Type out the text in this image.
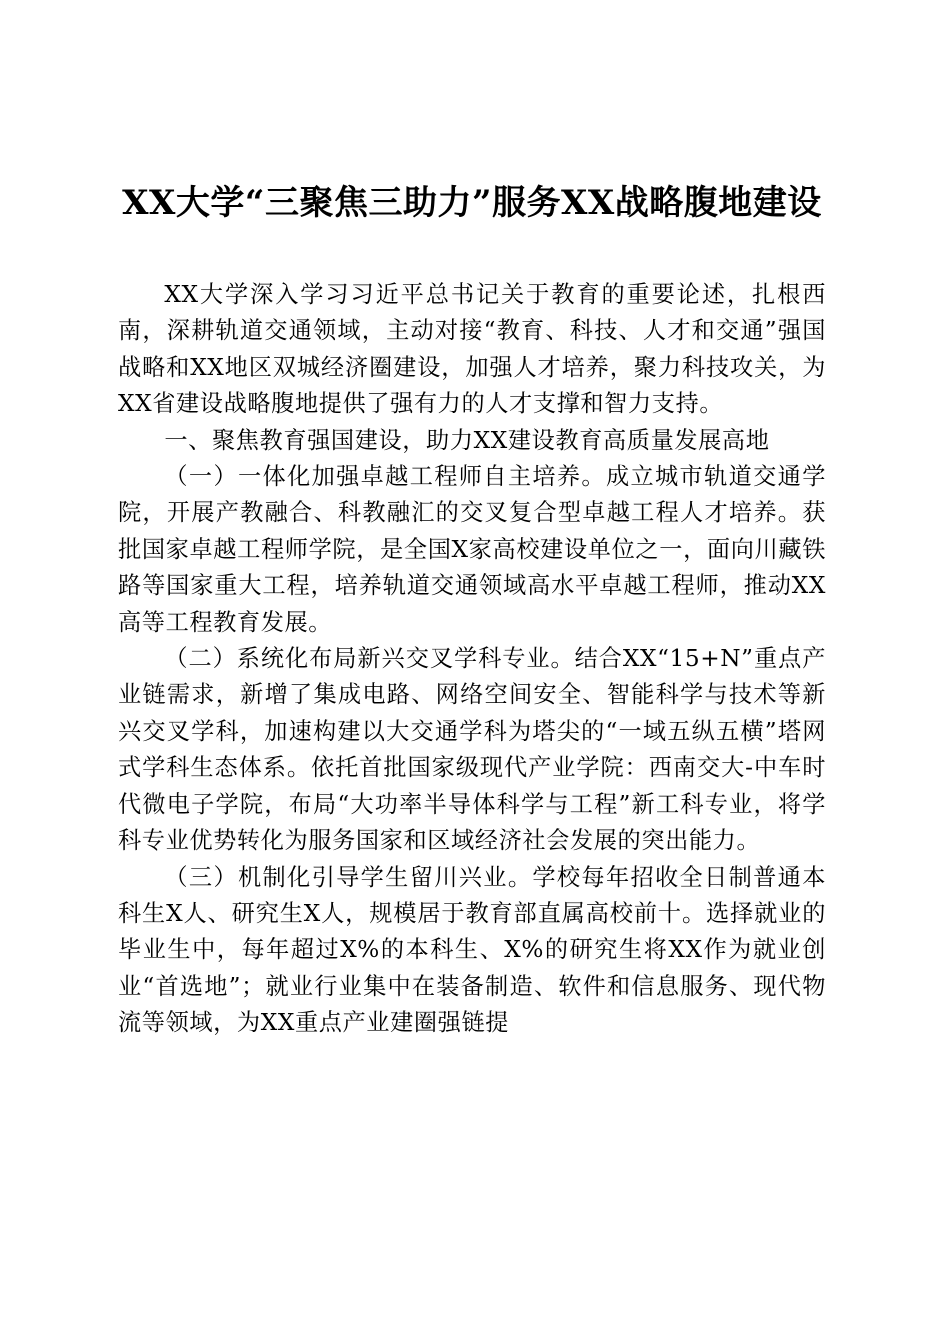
XX大学“三聚焦三助力”服务XX战略腹地建设

XX大学深入学习习近平总书记关于教育的重要论述，扎根西南，深耕轨道交通领域，主动对接“教育、科技、人才和交通”强国战略和XX地区双城经济圈建设，加强人才培养，聚力科技攻关，为XX省建设战略腹地提供了强有力的人才支撑和智力支持。

一、聚焦教育强国建设，助力XX建设教育高质量发展高地

（一）一体化加强卓越工程师自主培养。成立城市轨道交通学院，开展产教融合、科教融汇的交叉复合型卓越工程人才培养。获批国家卓越工程师学院，是全国X家高校建设单位之一，面向川藏铁路等国家重大工程，培养轨道交通领域高水平卓越工程师，推动XX高等工程教育发展。

（二）系统化布局新兴交叉学科专业。结合XX“15+N”重点产业链需求，新增了集成电路、网络空间安全、智能科学与技术等新兴交叉学科，加速构建以大交通学科为塔尖的“一域五纵五横”塔网式学科生态体系。依托首批国家级现代产业学院：西南交大-中车时代微电子学院，布局“大功率半导体科学与工程”新工科专业，将学科专业优势转化为服务国家和区域经济社会发展的突出能力。

（三）机制化引导学生留川兴业。学校每年招收全日制普通本科生X人、研究生X人，规模居于教育部直属高校前十。选择就业的毕业生中，每年超过X%的本科生、X%的研究生将XX作为就业创业“首选地”；就业行业集中在装备制造、软件和信息服务、现代物流等领域，为XX重点产业建圈强链提
